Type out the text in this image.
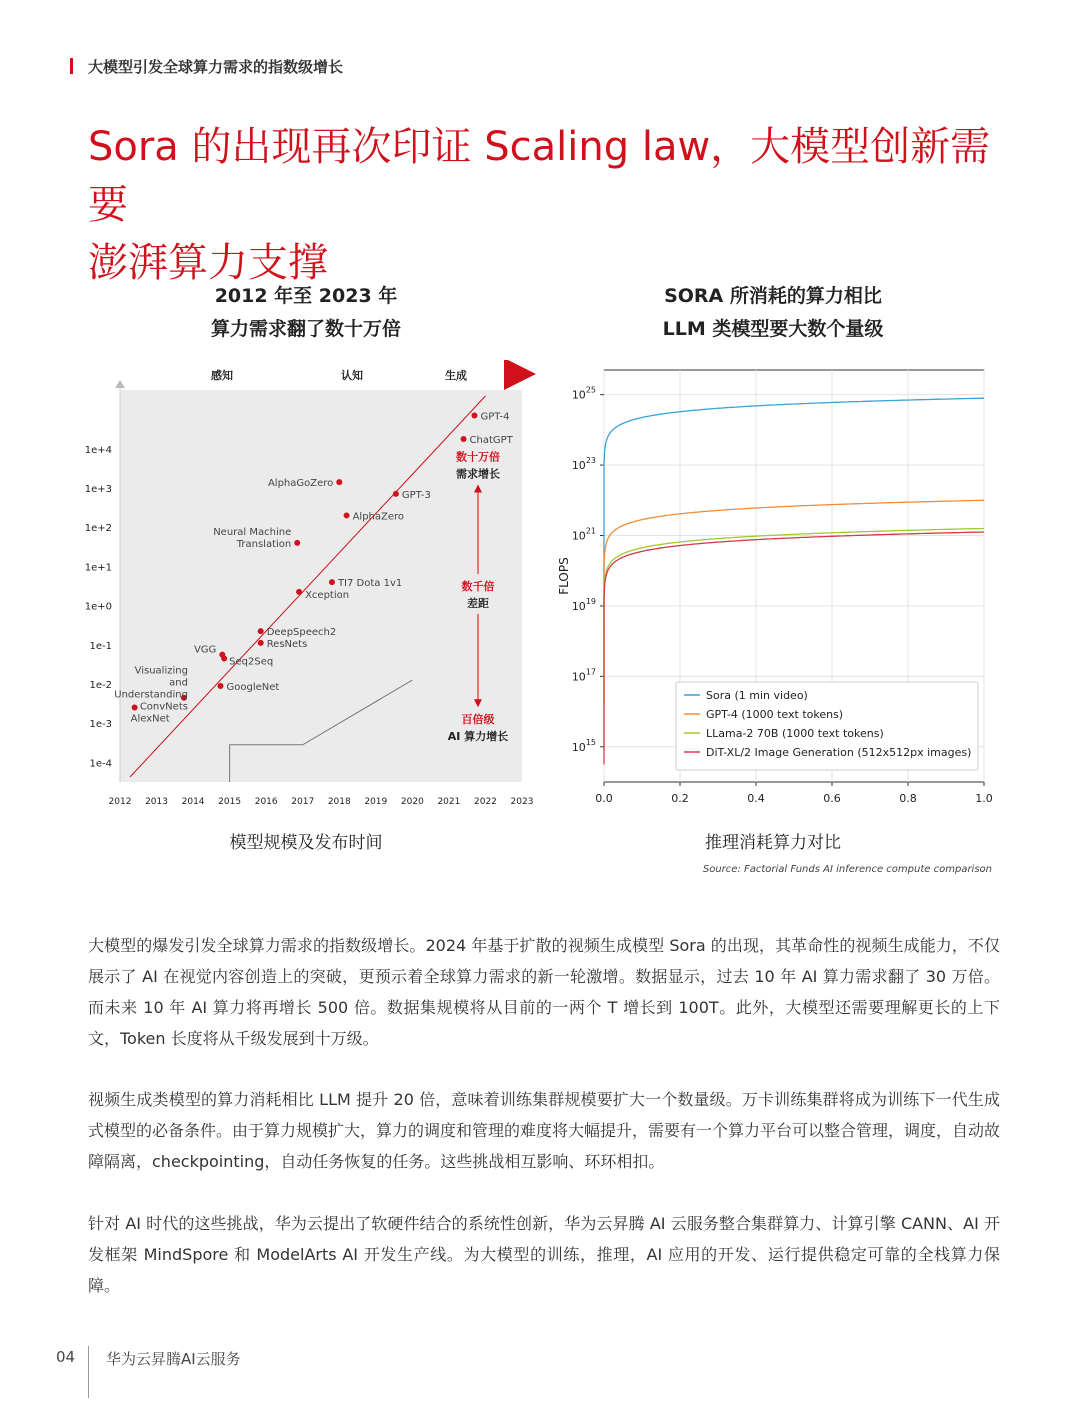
大模型引发全球算力需求的指数级增长
Sora 的出现再次印证 Scaling law，大模型创新需要
澎湃算力支撑
2012 年至 2023 年
算力需求翻了数十万倍
SORA 所消耗的算力相比
LLM 类模型要大数个量级
感知	认知	生成
1e+4
1e+3
1e+2
1e+1
1e+0
1e-1
1e-2
1e-3
1e-4
2012 2013 2014 2015 2016 2017 2018 2019 2020 2021 2022 2023
AlexNet
Visualizing and Understanding ConvNets
GoogleNet
VGG
Seq2Seq
DeepSpeech2
ResNets
Xception
TI7 Dota 1v1
Neural Machine Translation
AlphaZero
AlphaGoZero
GPT-3
ChatGPT
GPT-4
数十万倍
需求增长
数千倍
差距
百倍级
AI 算力增长
0.0	0.2	0.4	0.6	0.8	1.0
$10^{25}$
$10^{23}$
$10^{21}$
$10^{19}$
$10^{17}$
$10^{15}$
FLOPS
Sora (1 min video)
GPT-4 (1000 text tokens)
LLama-2 70B (1000 text tokens)
DiT-XL/2 Image Generation (512x512px images)
模型规模及发布时间	推理消耗算力对比
Source: Factorial Funds AI inference compute comparison

大模型的爆发引发全球算力需求的指数级增长。2024 年基于扩散的视频生成模型 Sora 的出现，其革命性的视频生成能力，不仅展示了 AI 在视觉内容创造上的突破，更预示着全球算力需求的新一轮激增。数据显示，过去 10 年 AI 算力需求翻了 30 万倍。而未来 10 年 AI 算力将再增长 500 倍。数据集规模将从目前的一两个 T 增长到 100T。此外，大模型还需要理解更长的上下文，Token 长度将从千级发展到十万级。

视频生成类模型的算力消耗相比 LLM 提升 20 倍，意味着训练集群规模要扩大一个数量级。万卡训练集群将成为训练下一代生成式模型的必备条件。由于算力规模扩大，算力的调度和管理的难度将大幅提升，需要有一个算力平台可以整合管理，调度，自动故障隔离，checkpointing，自动任务恢复的任务。这些挑战相互影响、环环相扣。

针对 AI 时代的这些挑战，华为云提出了软硬件结合的系统性创新，华为云昇腾 AI 云服务整合集群算力、计算引擎 CANN、AI 开发框架 MindSpore 和 ModelArts AI 开发生产线。为大模型的训练，推理，AI 应用的开发、运行提供稳定可靠的全栈算力保障。

04 华为云昇腾AI云服务
